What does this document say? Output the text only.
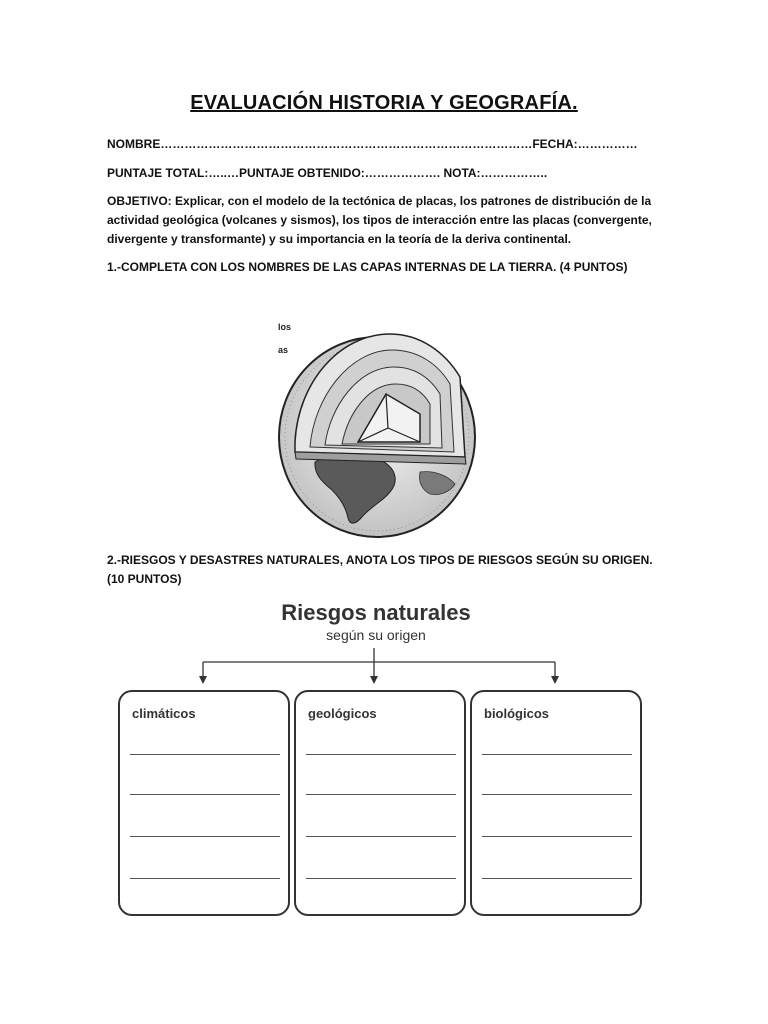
EVALUACIÓN HISTORIA Y GEOGRAFÍA.
NOMBRE…………………………………………………………………………………FECHA:……………
PUNTAJE TOTAL:…..…PUNTAJE OBTENIDO:………………. NOTA:……………..
OBJETIVO: Explicar, con el modelo de la tectónica de placas, los patrones de distribución de la actividad geológica (volcanes y sismos), los tipos de interacción entre las placas (convergente, divergente y transformante) y su importancia en la teoría de la deriva continental.
1.-COMPLETA CON LOS NOMBRES DE LAS CAPAS INTERNAS DE LA TIERRA. (4 PUNTOS)
los
as
2.-RIESGOS Y DESASTRES NATURALES, ANOTA LOS TIPOS DE RIESGOS SEGÚN SU ORIGEN. (10 PUNTOS)
Riesgos naturales
según su origen
climáticos	geológicos	biológicos
